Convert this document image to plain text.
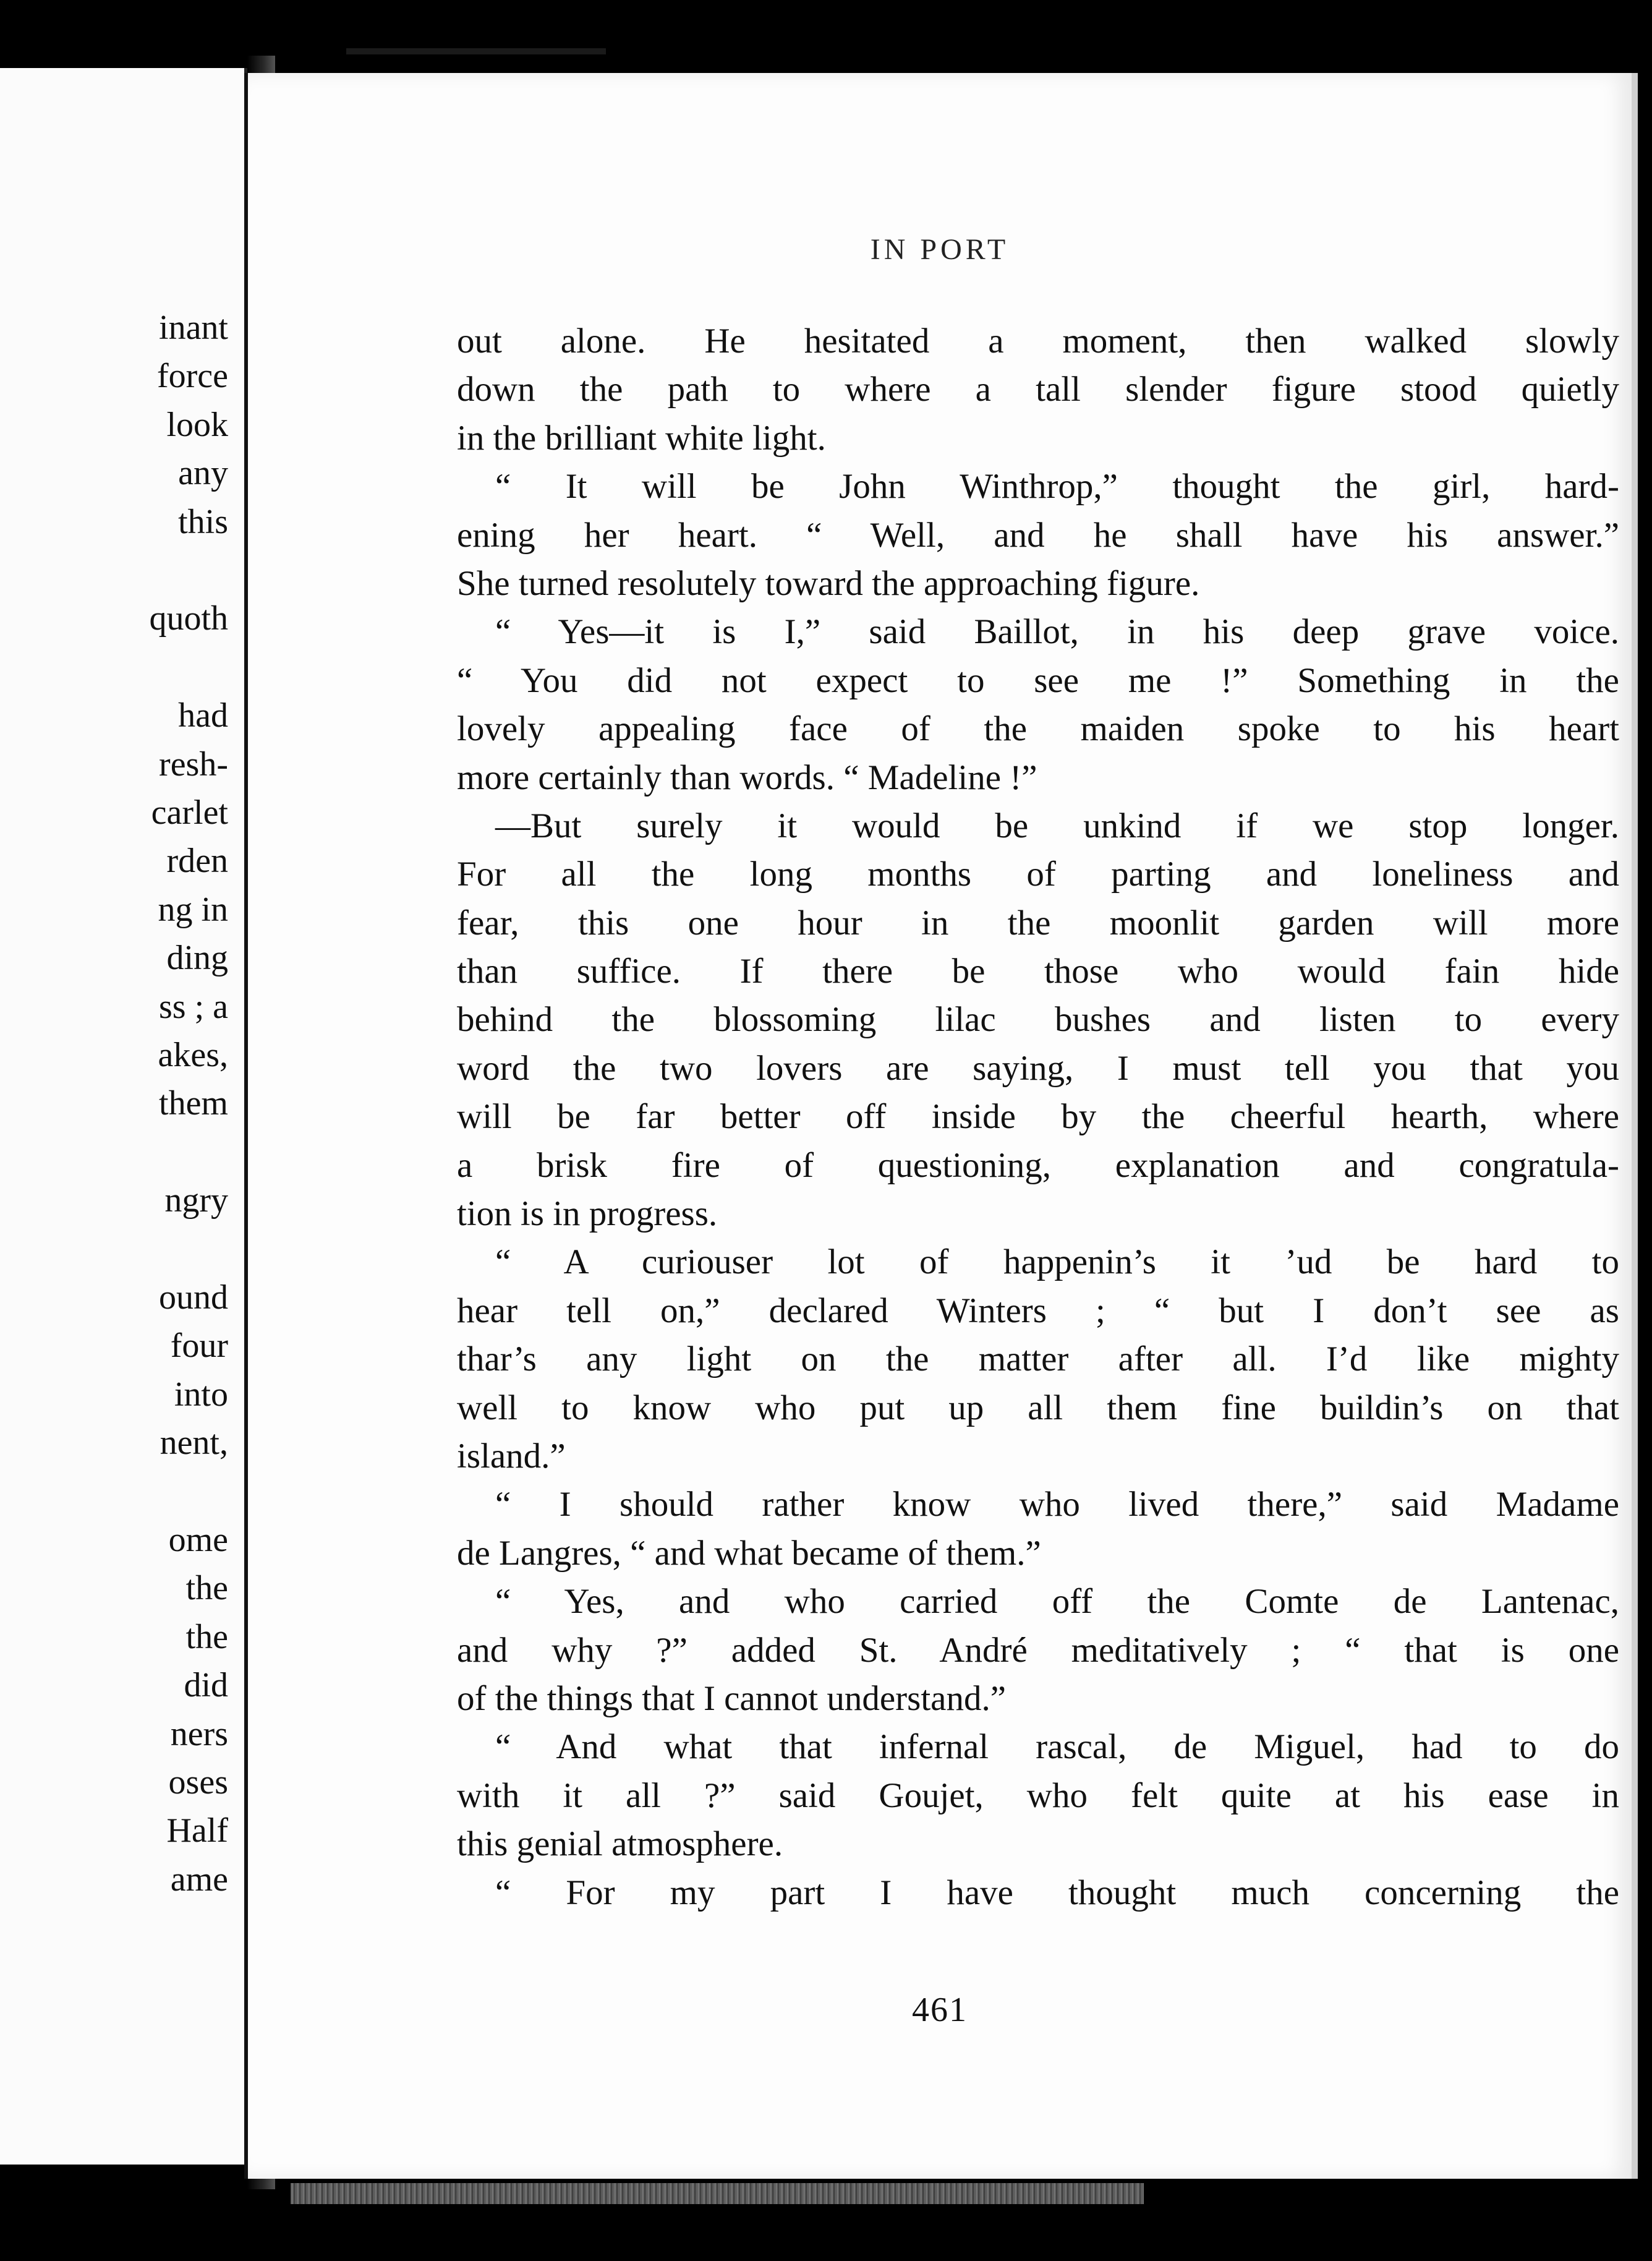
inant
force
look
any
this
quoth
had
resh-
carlet
rden
ng in
ding
ss ; a
akes,
them
ngry
ound
four
into
nent,
ome
the
the
did
ners
oses
Half
ame
IN PORT
out alone. He hesitated a moment, then walked slowly
down the path to where a tall slender figure stood quietly
in the brilliant white light.
“ It will be John Winthrop,” thought the girl, hard-
ening her heart. “ Well, and he shall have his answer.”
She turned resolutely toward the approaching figure.
“ Yes—it is I,” said Baillot, in his deep grave voice.
“ You did not expect to see me !” Something in the
lovely appealing face of the maiden spoke to his heart
more certainly than words. “ Madeline !”
—But surely it would be unkind if we stop longer.
For all the long months of parting and loneliness and
fear, this one hour in the moonlit garden will more
than suffice. If there be those who would fain hide
behind the blossoming lilac bushes and listen to every
word the two lovers are saying, I must tell you that you
will be far better off inside by the cheerful hearth, where
a brisk fire of questioning, explanation and congratula-
tion is in progress.
“ A curiouser lot of happenin’s it ’ud be hard to
hear tell on,” declared Winters ; “ but I don’t see as
thar’s any light on the matter after all. I’d like mighty
well to know who put up all them fine buildin’s on that
island.”
“ I should rather know who lived there,” said Madame
de Langres, “ and what became of them.”
“ Yes, and who carried off the Comte de Lantenac,
and why ?” added St. André meditatively ; “ that is one
of the things that I cannot understand.”
“ And what that infernal rascal, de Miguel, had to do
with it all ?” said Goujet, who felt quite at his ease in
this genial atmosphere.
“ For my part I have thought much concerning the
461
